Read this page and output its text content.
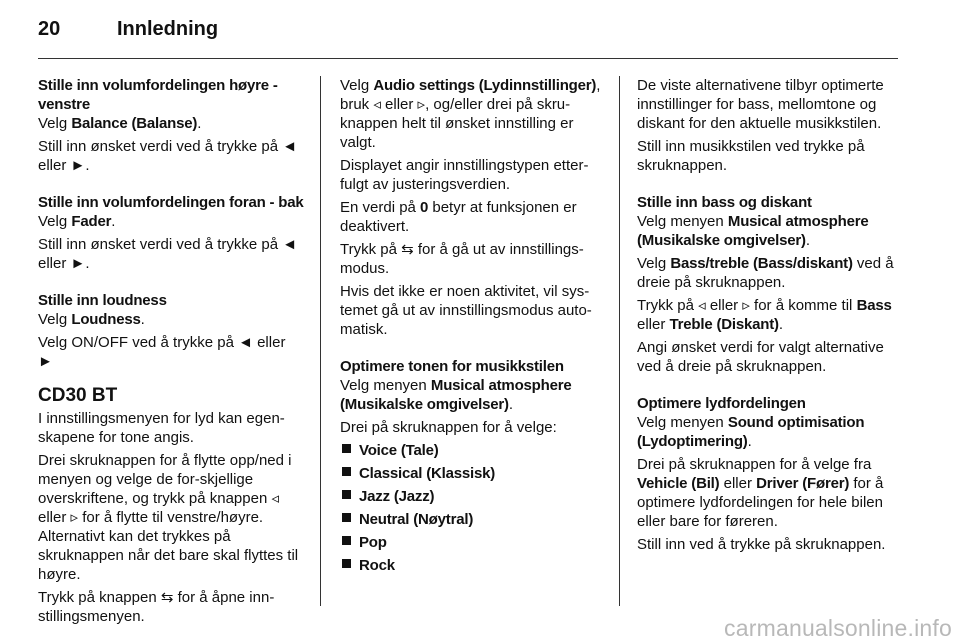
20	Innledning

Stille inn volumfordelingen høyre - venstre

Velg Balance (Balanse).

Still inn ønsket verdi ved å trykke på ◄ eller ►.

Stille inn volumfordelingen foran - bak

Velg Fader.

Still inn ønsket verdi ved å trykke på ◄ eller ►.

Stille inn loudness

Velg Loudness.

Velg ON/OFF ved å trykke på ◄ eller ►

CD30 BT

I innstillingsmenyen for lyd kan egen-skapene for tone angis.

Drei skruknappen for å flytte opp/ned i menyen og velge de for-skjellige overskriftene, og trykk på knappen ◃ eller ▹ for å flytte til venstre/høyre. Alternativt kan det trykkes på skruknappen når det bare skal flyttes til høyre.

Trykk på knappen ⇆ for å åpne inn-stillingsmenyen.

Velg Audio settings (Lydinnstillinger), bruk ◃ eller ▹, og/eller drei på skru-knappen helt til ønsket innstilling er valgt.

Displayet angir innstillingstypen etter-fulgt av justeringsverdien.

En verdi på 0 betyr at funksjonen er deaktivert.

Trykk på ⇆ for å gå ut av innstillings-modus.

Hvis det ikke er noen aktivitet, vil sys-temet gå ut av innstillingsmodus auto-matisk.

Optimere tonen for musikkstilen

Velg menyen Musical atmosphere (Musikalske omgivelser).

Drei på skruknappen for å velge:

Voice (Tale)
Classical (Klassisk)
Jazz (Jazz)
Neutral (Nøytral)
Pop
Rock

De viste alternativene tilbyr optimerte innstillinger for bass, mellomtone og diskant for den aktuelle musikkstilen.

Still inn musikkstilen ved trykke på skruknappen.

Stille inn bass og diskant

Velg menyen Musical atmosphere (Musikalske omgivelser).

Velg Bass/treble (Bass/diskant) ved å dreie på skruknappen.

Trykk på ◃ eller ▹ for å komme til Bass eller Treble (Diskant).

Angi ønsket verdi for valgt alternative ved å dreie på skruknappen.

Optimere lydfordelingen

Velg menyen Sound optimisation (Lydoptimering).

Drei på skruknappen for å velge fra Vehicle (Bil) eller Driver (Fører) for å optimere lydfordelingen for hele bilen eller bare for føreren.

Still inn ved å trykke på skruknappen.

carmanualsonline.info
